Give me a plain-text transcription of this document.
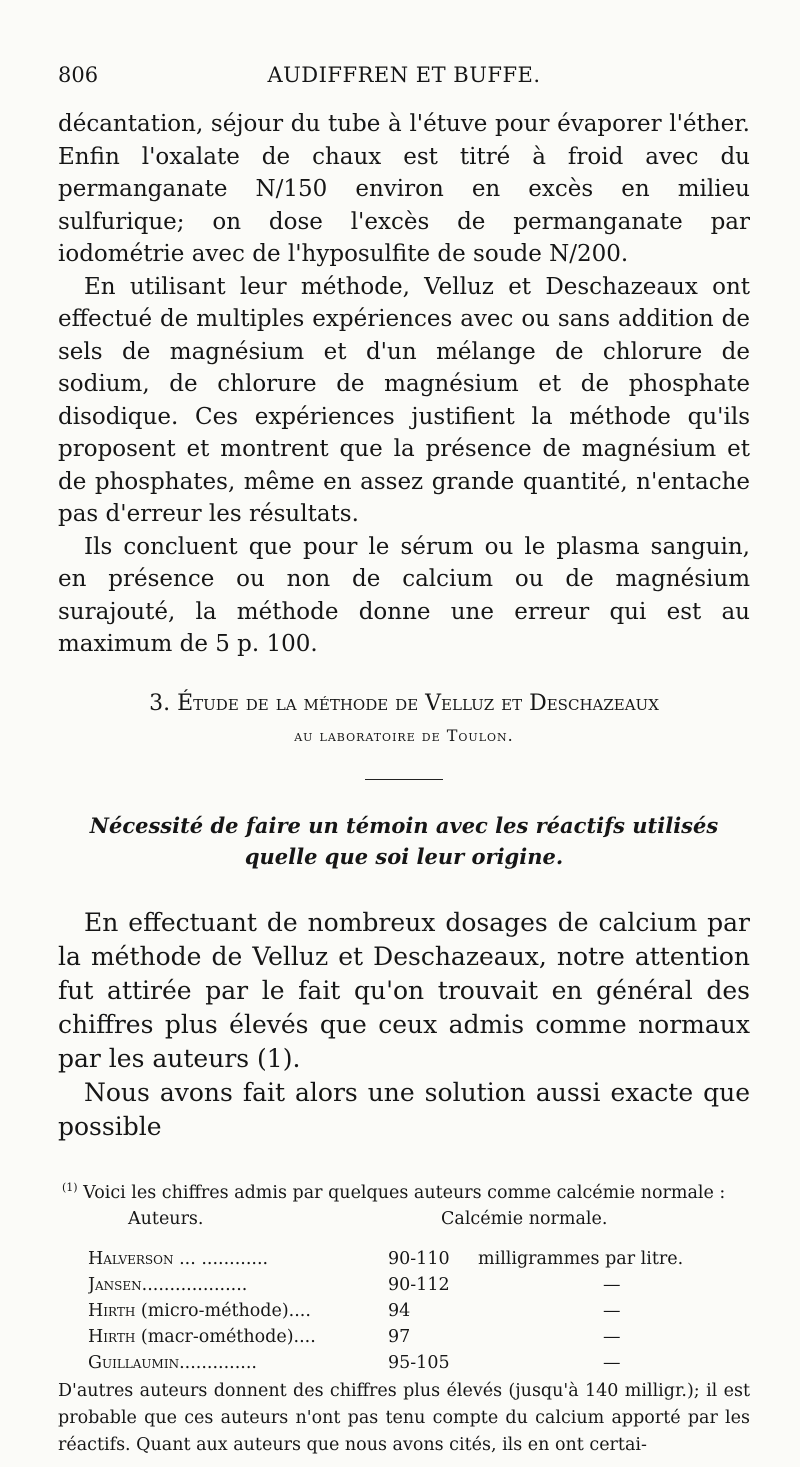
806	AUDIFFREN ET BUFFE.

décantation, séjour du tube à l'étuve pour évaporer l'éther. Enfin l'oxalate de chaux est titré à froid avec du permanganate N/150 environ en excès en milieu sulfurique; on dose l'excès de permanganate par iodométrie avec de l'hyposulfite de soude N/200.

En utilisant leur méthode, Velluz et Deschazeaux ont effectué de multiples expériences avec ou sans addition de sels de magnésium et d'un mélange de chlorure de sodium, de chlorure de magnésium et de phosphate disodique. Ces expériences justifient la méthode qu'ils proposent et montrent que la présence de magnésium et de phosphates, même en assez grande quantité, n'entache pas d'erreur les résultats.

Ils concluent que pour le sérum ou le plasma sanguin, en présence ou non de calcium ou de magnésium surajouté, la méthode donne une erreur qui est au maximum de 5 p. 100.

3. Étude de la méthode de Velluz et Deschazeaux
au laboratoire de Toulon.
Nécessité de faire un témoin avec les réactifs utilisés quelle que soi leur origine.

En effectuant de nombreux dosages de calcium par la méthode de Velluz et Deschazeaux, notre attention fut attirée par le fait qu'on trouvait en général des chiffres plus élevés que ceux admis comme normaux par les auteurs (1).

Nous avons fait alors une solution aussi exacte que possible

$^{(1)}$ Voici les chiffres admis par quelques auteurs comme calcémie normale :
Auteurs.	Calcémie normale.
Halverson ... ............	90-110 milligrammes par litre.
Jansen...................	90-112	—
Hirth (micro-méthode)....	94	—
Hirth (macr-ométhode)....	97	—
Guillaumin..............	95-105	—
D'autres auteurs donnent des chiffres plus élevés (jusqu'à 140 milligr.); il est probable que ces auteurs n'ont pas tenu compte du calcium apporté par les réactifs. Quant aux auteurs que nous avons cités, ils en ont certai-
